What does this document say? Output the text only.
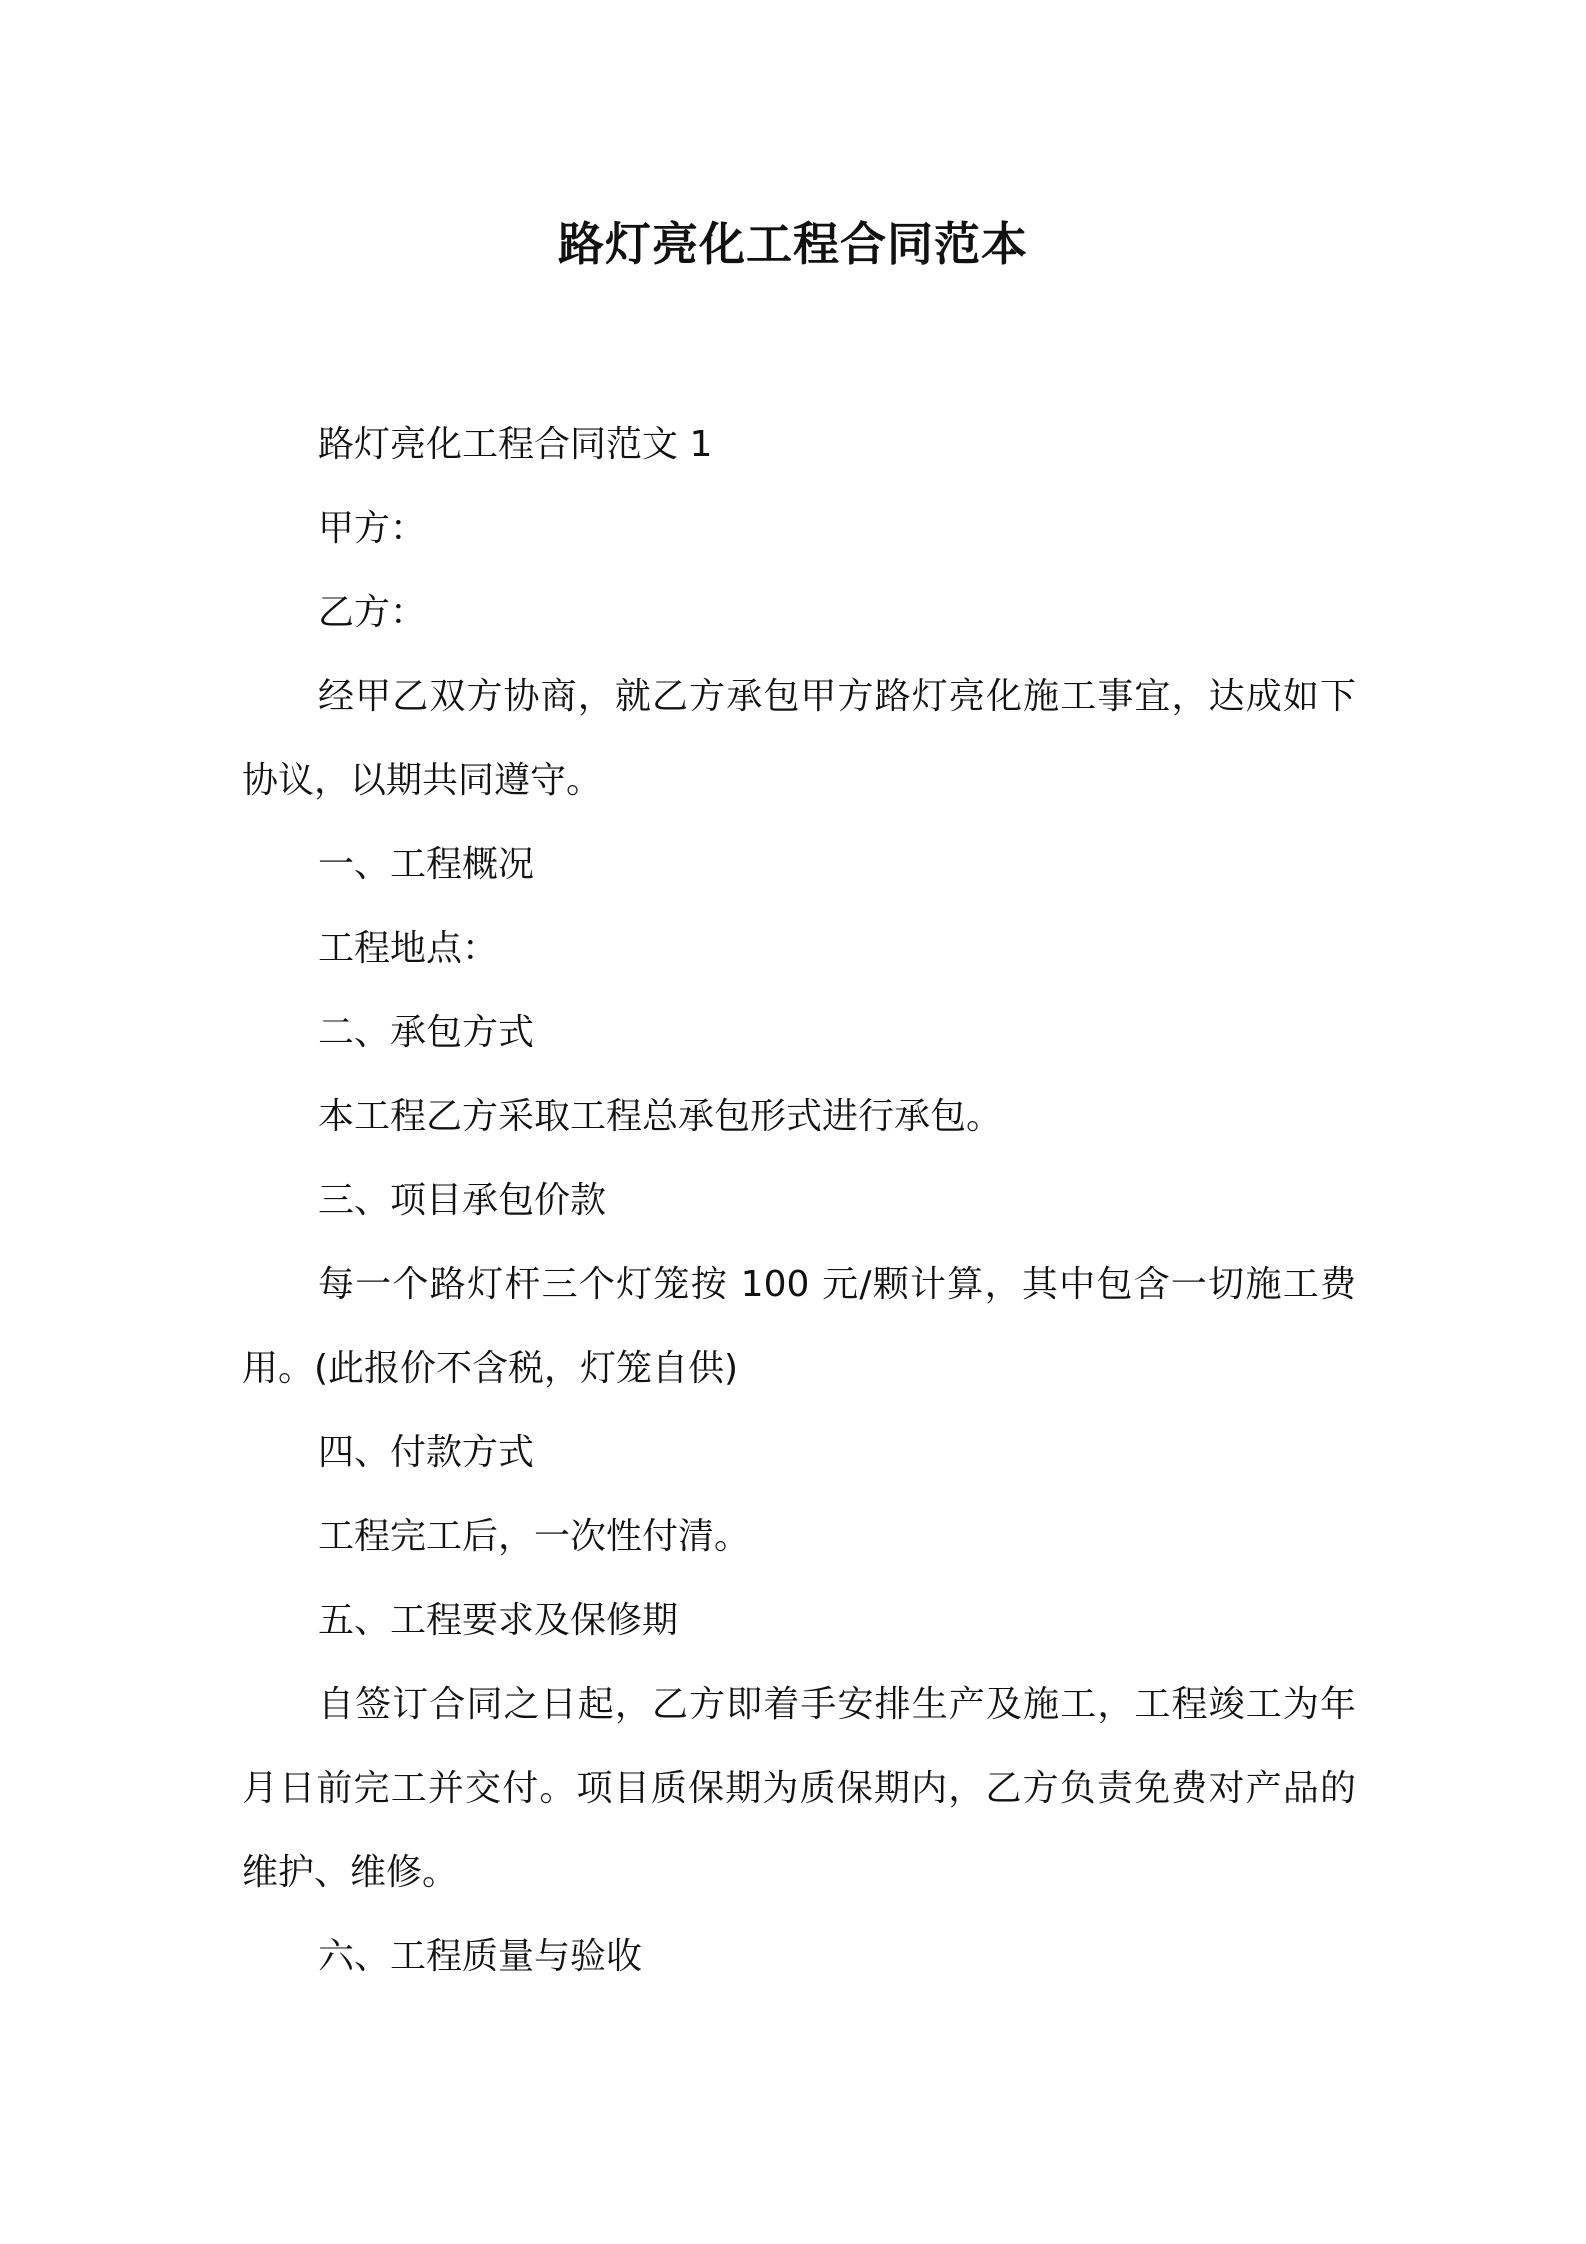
路灯亮化工程合同范本

路灯亮化工程合同范文 1

甲方：

乙方：

经甲乙双方协商，就乙方承包甲方路灯亮化施工事宜，达成如下协议，以期共同遵守。

一、工程概况

工程地点：

二、承包方式

本工程乙方采取工程总承包形式进行承包。

三、项目承包价款

每一个路灯杆三个灯笼按 100 元/颗计算，其中包含一切施工费用。(此报价不含税，灯笼自供)

四、付款方式

工程完工后，一次性付清。

五、工程要求及保修期

自签订合同之日起，乙方即着手安排生产及施工，工程竣工为年月日前完工并交付。项目质保期为质保期内，乙方负责免费对产品的维护、维修。

六、工程质量与验收
